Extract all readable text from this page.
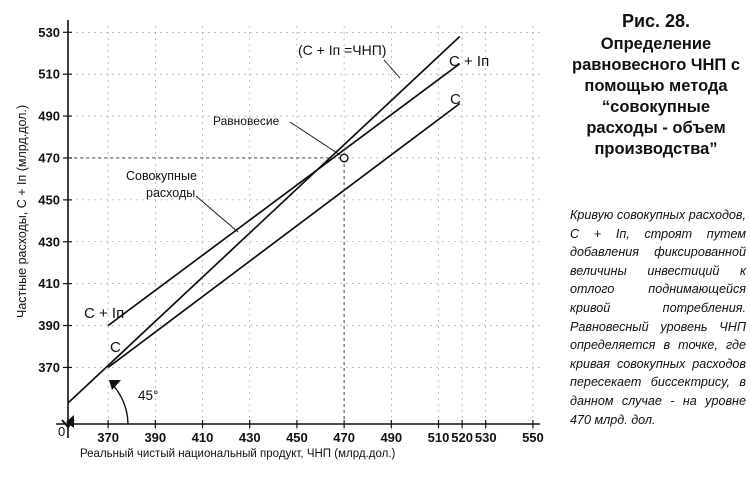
370 390 410 430 450 470 490 510 520 530 550
370
390
410
430
450
470
490
510
530
(C + Iп =ЧНП)
C + Iп
C
Равновесие
Совокупные
расходы
C + Iп
C
45°
0
Реальный чистый национальный продукт, ЧНП (млрд.дол.)
Частные расходы, C + Iп (млрд.дол.)
Рис. 28.
Определение равновесного ЧНП с помощью метода “совокупные расходы - объем производства”
Кривую совокупных расходов, C + Iп, строят путем добавления фиксированной величины инвестиций к отлого поднимающейся кривой потребления. Равновесный уровень ЧНП определяется в точке, где кривая совокупных расходов пересекает биссектрису, в данном случае - на уровне 470 млрд. дол.
